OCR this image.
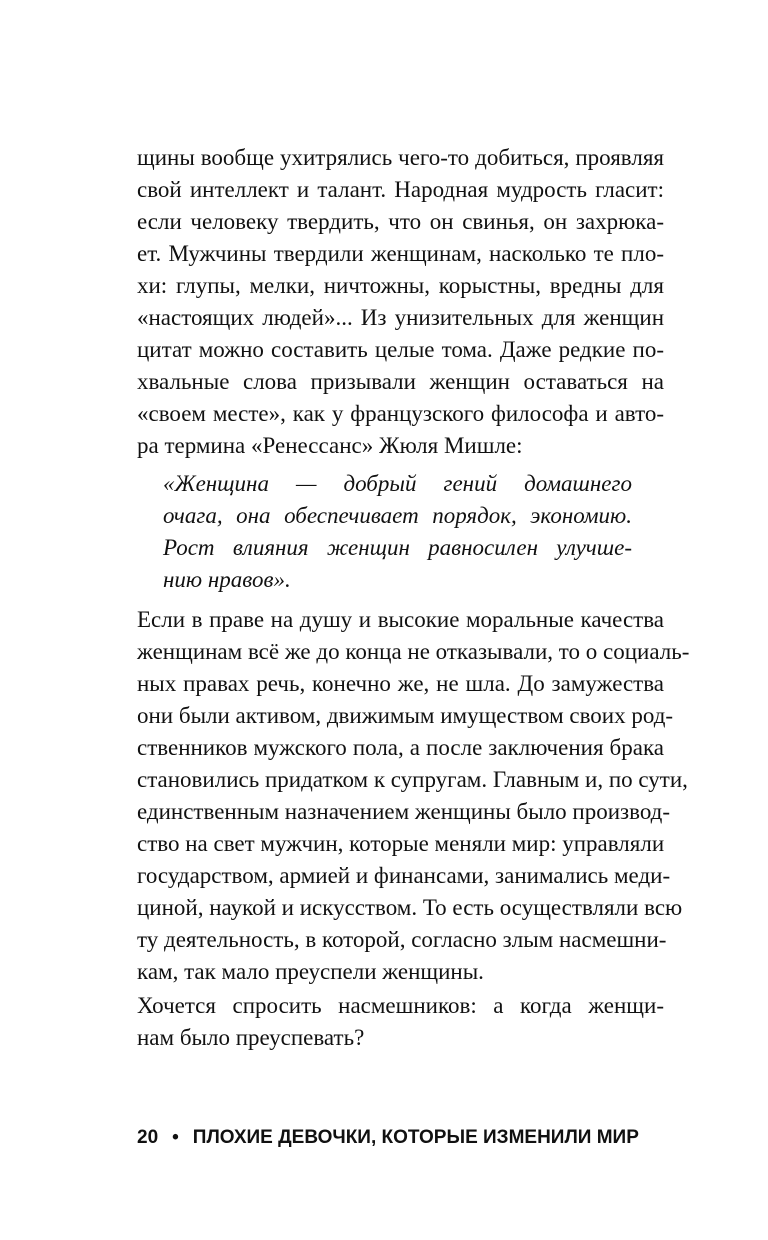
щины вообще ухитрялись чего-то добиться, проявляя
свой интеллект и талант. Народная мудрость гласит:
если человеку твердить, что он свинья, он захрюка-
ет. Мужчины твердили женщинам, насколько те пло-
хи: глупы, мелки, ничтожны, корыстны, вредны для
«настоящих людей»... Из унизительных для женщин
цитат можно составить целые тома. Даже редкие по-
хвальные слова призывали женщин оставаться на
«своем месте», как у французского философа и авто-
ра термина «Ренессанс» Жюля Мишле:
«Женщина — добрый гений домашнего
очага, она обеспечивает порядок, экономию.
Рост влияния женщин равносилен улучше-
нию нравов».
Если в праве на душу и высокие моральные качества
женщинам всё же до конца не отказывали, то о социаль-
ных правах речь, конечно же, не шла. До замужества
они были активом, движимым имуществом своих род-
ственников мужского пола, а после заключения брака
становились придатком к супругам. Главным и, по сути,
единственным назначением женщины было производ-
ство на свет мужчин, которые меняли мир: управляли
государством, армией и финансами, занимались меди-
циной, наукой и искусством. То есть осуществляли всю
ту деятельность, в которой, согласно злым насмешни-
кам, так мало преуспели женщины.
Хочется спросить насмешников: а когда женщи-
нам было преуспевать?
20 • ПЛОХИЕ ДЕВОЧКИ, КОТОРЫЕ ИЗМЕНИЛИ МИР
